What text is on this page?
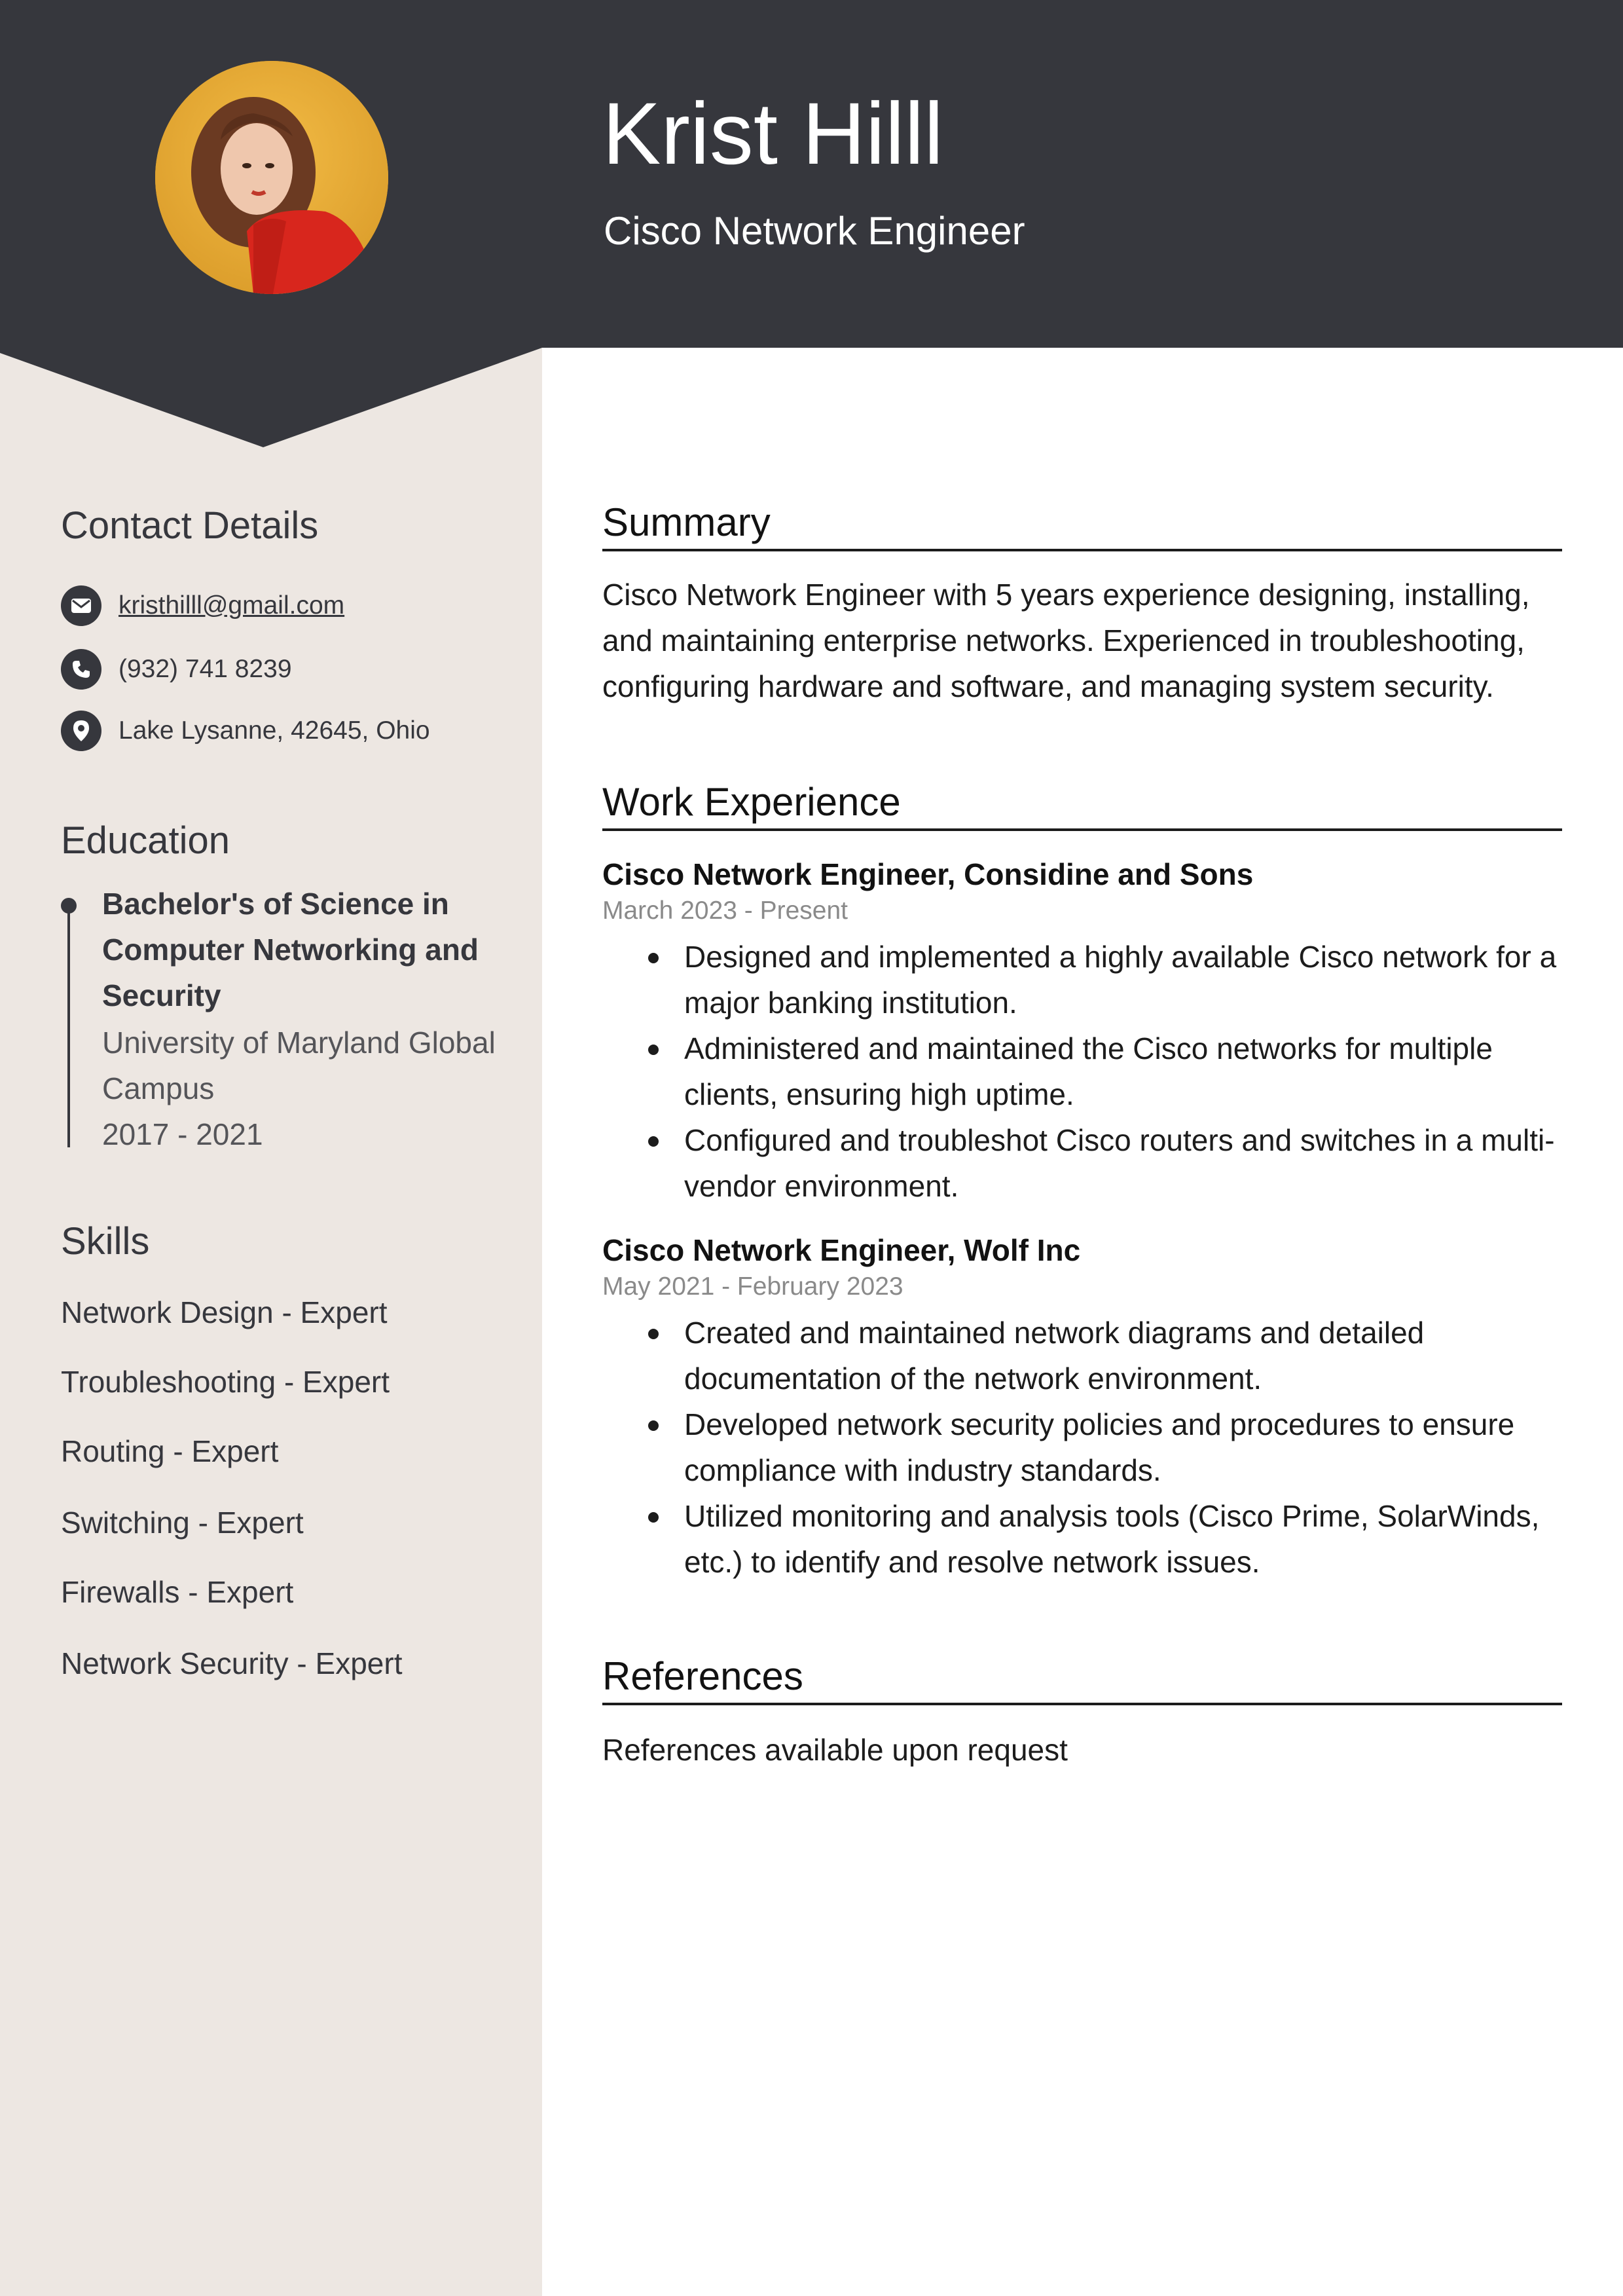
Krist Hilll
Cisco Network Engineer
Contact Details
kristhilll@gmail.com
(932) 741 8239
Lake Lysanne, 42645, Ohio
Education
Bachelor's of Science in Computer Networking and Security
University of Maryland Global Campus
2017 - 2021
Skills
Network Design - Expert
Troubleshooting - Expert
Routing - Expert
Switching - Expert
Firewalls - Expert
Network Security - Expert
Summary
Cisco Network Engineer with 5 years experience designing, installing, and maintaining enterprise networks. Experienced in troubleshooting, configuring hardware and software, and managing system security.
Work Experience
Cisco Network Engineer, Considine and Sons
March 2023 - Present
Designed and implemented a highly available Cisco network for a major banking institution.
Administered and maintained the Cisco networks for multiple clients, ensuring high uptime.
Configured and troubleshot Cisco routers and switches in a multi-vendor environment.
Cisco Network Engineer, Wolf Inc
May 2021 - February 2023
Created and maintained network diagrams and detailed documentation of the network environment.
Developed network security policies and procedures to ensure compliance with industry standards.
Utilized monitoring and analysis tools (Cisco Prime, SolarWinds, etc.) to identify and resolve network issues.
References
References available upon request
